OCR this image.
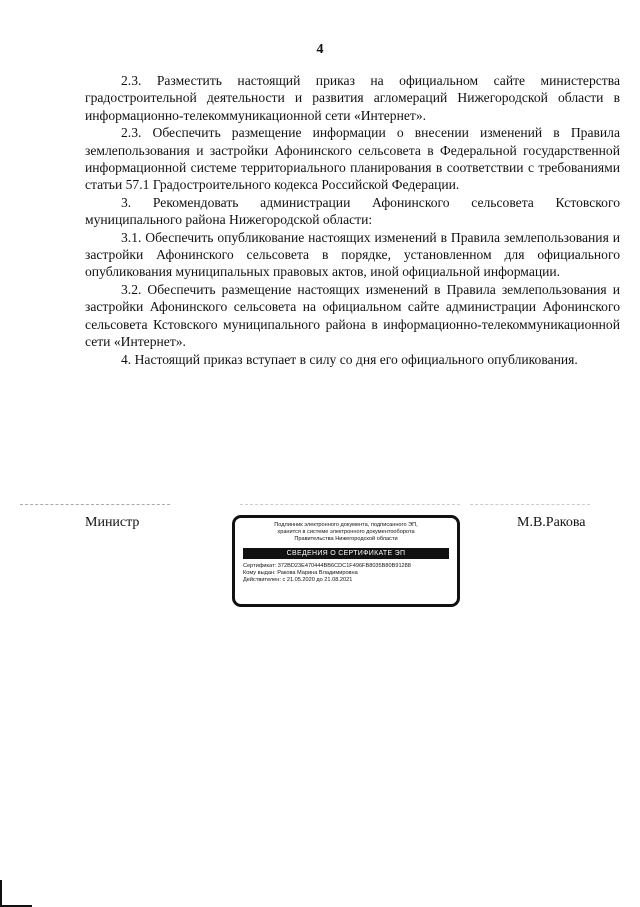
4

2.3. Разместить настоящий приказ на официальном сайте министерства градостроительной деятельности и развития агломераций Нижегородской области в информационно-телекоммуникационной сети «Интернет».

2.3. Обеспечить размещение информации о внесении изменений в Правила землепользования и застройки Афонинского сельсовета в Федеральной государственной информационной системе территориального планирования в соответствии с требованиями статьи 57.1 Градостроительного кодекса Российской Федерации.

3. Рекомендовать администрации Афонинского сельсовета Кстовского муниципального района Нижегородской области:

3.1. Обеспечить опубликование настоящих изменений в Правила землепользования и застройки Афонинского сельсовета в порядке, установленном для официального опубликования муниципальных правовых актов, иной официальной информации.

3.2. Обеспечить размещение настоящих изменений в Правила землепользования и застройки Афонинского сельсовета на официальном сайте администрации Афонинского сельсовета Кстовского муниципального района в информационно-телекоммуникационной сети «Интернет».

4. Настоящий приказ вступает в силу со дня его официального опубликования.

Министр	Подлинник электронного документа, подписанного ЭП,
хранится в системе электронного документооборота
Правительства Нижегородской области
СВЕДЕНИЯ О СЕРТИФИКАТЕ ЭП
Сертификат: 372BD23E470444BB6CDC1F496FB8035B80B91288
Кому выдан: Ракова Марина Владимировна
Действителен: с 21.05.2020 до 21.08.2021
М.В.Ракова
